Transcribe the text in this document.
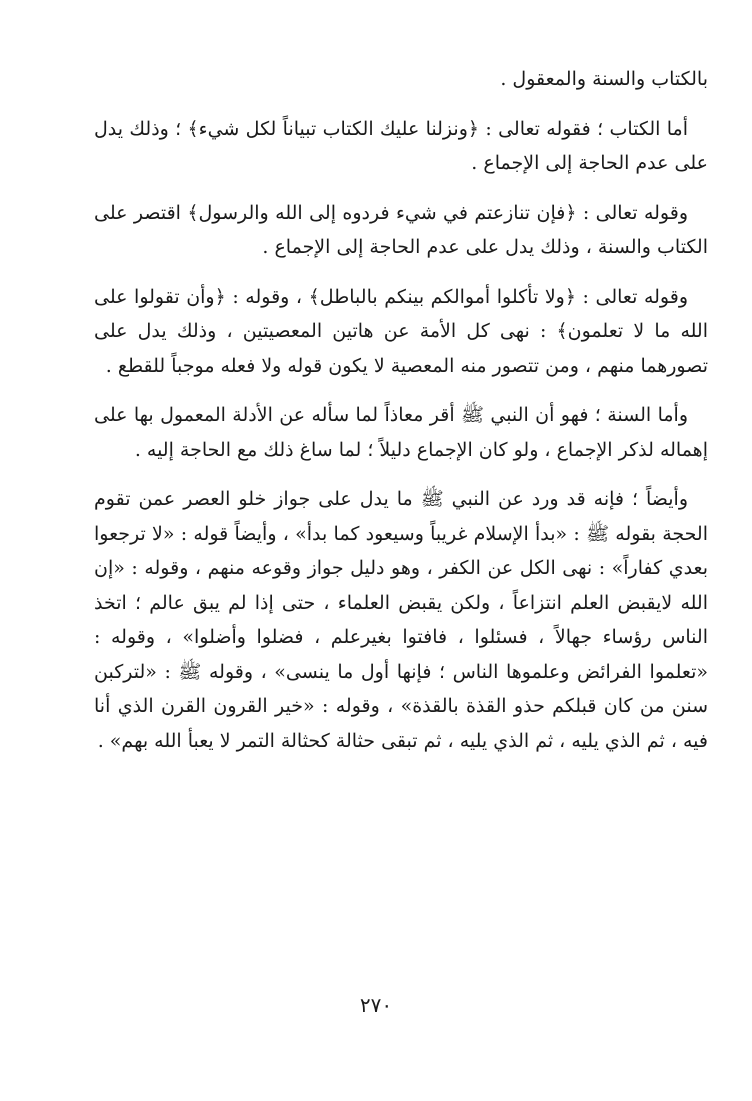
بالكتاب والسنة والمعقول .

أما الكتاب ؛ فقوله تعالى : ﴿ونزلنا عليك الكتاب تبياناً لكل شيء﴾ ؛ وذلك يدل على عدم الحاجة إلى الإجماع .

وقوله تعالى : ﴿فإن تنازعتم في شيء فردوه إلى الله والرسول﴾ اقتصر على الكتاب والسنة ، وذلك يدل على عدم الحاجة إلى الإجماع .

وقوله تعالى : ﴿ولا تأكلوا أموالكم بينكم بالباطل﴾ ، وقوله : ﴿وأن تقولوا على الله ما لا تعلمون﴾ : نهى كل الأمة عن هاتين المعصيتين ، وذلك يدل على تصورهما منهم ، ومن تتصور منه المعصية لا يكون قوله ولا فعله موجباً للقطع .

وأما السنة ؛ فهو أن النبي ﷺ أقر معاذاً لما سأله عن الأدلة المعمول بها على إهماله لذكر الإجماع ، ولو كان الإجماع دليلاً ؛ لما ساغ ذلك مع الحاجة إليه .

وأيضاً ؛ فإنه قد ورد عن النبي ﷺ ما يدل على جواز خلو العصر عمن تقوم الحجة بقوله ﷺ : «بدأ الإسلام غريباً وسيعود كما بدأ» ، وأيضاً قوله : «لا ترجعوا بعدي كفاراً» : نهى الكل عن الكفر ، وهو دليل جواز وقوعه منهم ، وقوله : «إن الله لايقبض العلم انتزاعاً ، ولكن يقبض العلماء ، حتى إذا لم يبق عالم ؛ اتخذ الناس رؤساء جهالاً ، فسئلوا ، فافتوا بغيرعلم ، فضلوا وأضلوا» ، وقوله : «تعلموا الفرائض وعلموها الناس ؛ فإنها أول ما ينسى» ، وقوله ﷺ : «لتركبن سنن من كان قبلكم حذو القذة بالقذة» ، وقوله : «خير القرون القرن الذي أنا فيه ، ثم الذي يليه ، ثم الذي يليه ، ثم تبقى حثالة كحثالة التمر لا يعبأ الله بهم» .

٢٧٠
